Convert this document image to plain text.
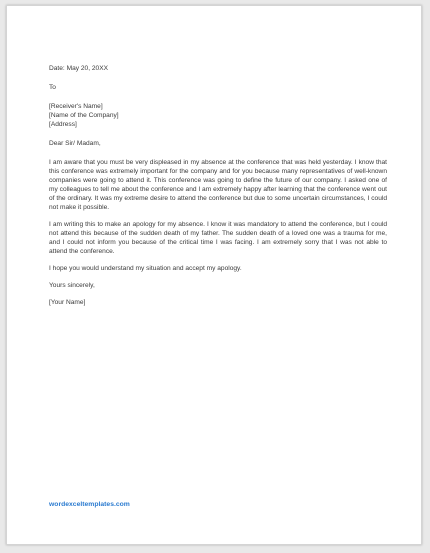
Date: May 20, 20XX
To
[Receiver's Name]
[Name of the Company]
[Address]
Dear Sir/ Madam,

I am aware that you must be very displeased in my absence at the conference that was held yesterday. I know that this conference was extremely important for the company and for you because many representatives of well-known companies were going to attend it. This conference was going to define the future of our company. I asked one of my colleagues to tell me about the conference and I am extremely happy after learning that the conference went out of the ordinary. It was my extreme desire to attend the conference but due to some uncertain circumstances, I could not make it possible.

I am writing this to make an apology for my absence. I know it was mandatory to attend the conference, but I could not attend this because of the sudden death of my father. The sudden death of a loved one was a trauma for me, and I could not inform you because of the critical time I was facing. I am extremely sorry that I was not able to attend the conference.

I hope you would understand my situation and accept my apology.

Yours sincerely,
[Your Name]
wordexceltemplates.com
